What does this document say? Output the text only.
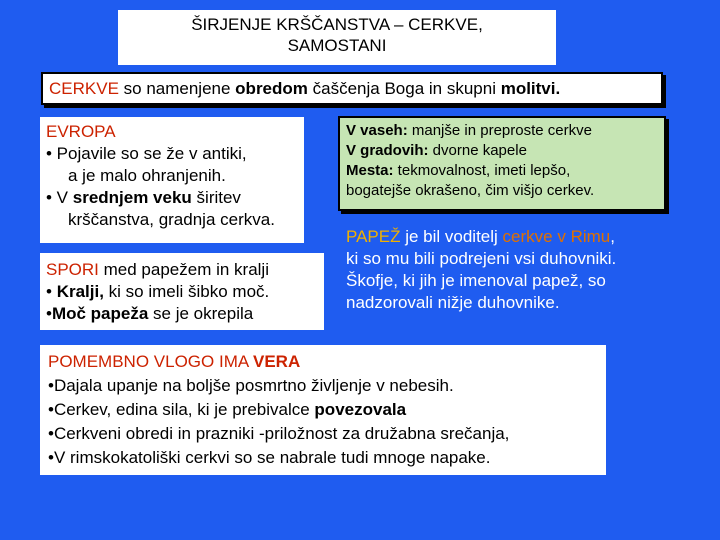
ŠIRJENJE KRŠČANSTVA – CERKVE,
SAMOSTANI
CERKVE so namenjene obredom čaščenja Boga in skupni molitvi.
EVROPA
• Pojavile so se že v antiki,
a je malo ohranjenih.
• V srednjem veku širitev
krščanstva, gradnja cerkva.
SPORI med papežem in kralji
• Kralji, ki so imeli šibko moč.
•Moč papeža se je okrepila
V vaseh: manjše in preproste cerkve
V gradovih: dvorne kapele
Mesta: tekmovalnost, imeti lepšo,
bogatejše okrašeno, čim višjo cerkev.
PAPEŽ je bil voditelj cerkve v Rimu,
ki so mu bili podrejeni vsi duhovniki.
Škofje, ki jih je imenoval papež, so
nadzorovali nižje duhovnike.
POMEMBNO VLOGO IMA VERA
•Dajala upanje na boljše posmrtno življenje v nebesih.
•Cerkev, edina sila, ki je prebivalce povezovala
•Cerkveni obredi in prazniki -priložnost za družabna srečanja,
•V rimskokatoliški cerkvi so se nabrale tudi mnoge napake.
